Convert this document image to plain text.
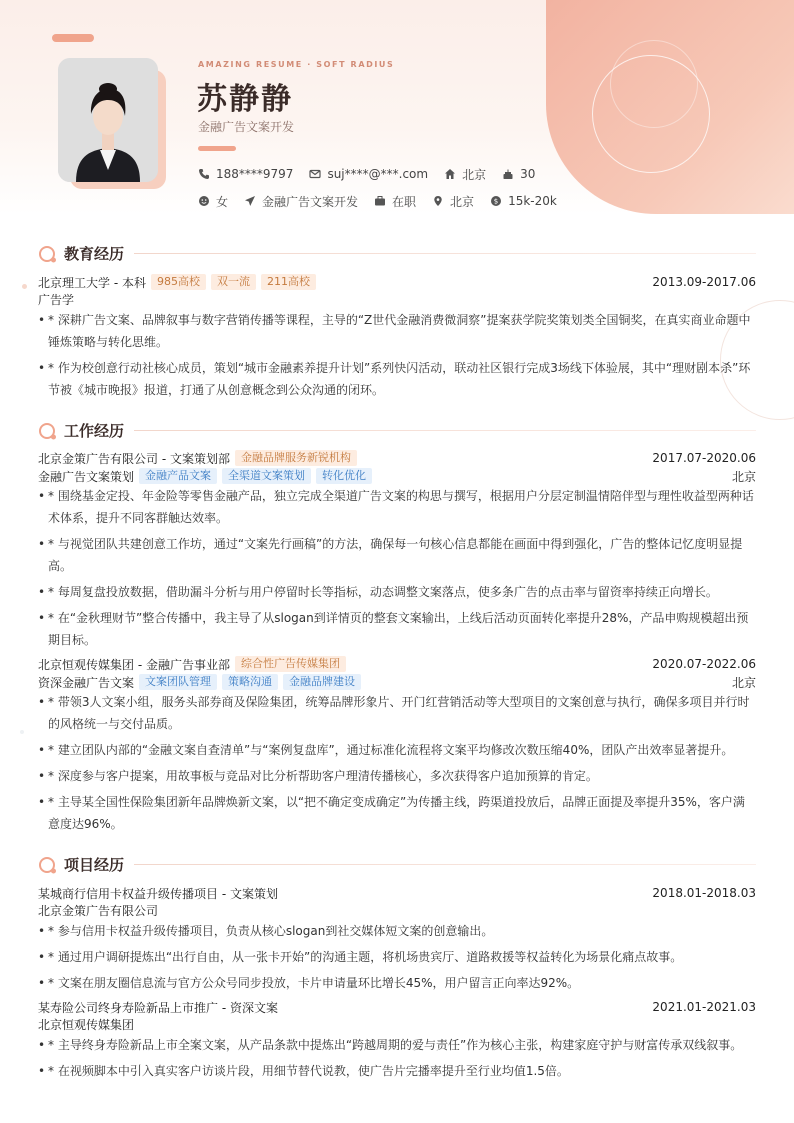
AMAZING RESUME · SOFT RADIUS
苏静静
金融广告文案开发
188****9797	suj****@***.com	北京	30
女	金融广告文案开发	在职	北京	$ 15k-20k
教育经历
北京理工大学 - 本科	985高校	双一流	211高校	2013.09-2017.06
广告学
• * 深耕广告文案、品牌叙事与数字营销传播等课程，主导的“Z世代金融消费微洞察”提案获学院奖策划类全国铜奖，在真实商业命题中锤炼策略与转化思维。
• * 作为校创意行动社核心成员，策划“城市金融素养提升计划”系列快闪活动，联动社区银行完成3场线下体验展，其中“理财剧本杀”环节被《城市晚报》报道，打通了从创意概念到公众沟通的闭环。
工作经历
北京金策广告有限公司 - 文案策划部	金融品牌服务新锐机构	2017.07-2020.06
金融广告文案策划	金融产品文案	全渠道文案策划	转化优化	北京
• * 围绕基金定投、年金险等零售金融产品，独立完成全渠道广告文案的构思与撰写，根据用户分层定制温情陪伴型与理性收益型两种话术体系，提升不同客群触达效率。
• * 与视觉团队共建创意工作坊，通过“文案先行画稿”的方法，确保每一句核心信息都能在画面中得到强化，广告的整体记忆度明显提高。
• * 每周复盘投放数据，借助漏斗分析与用户停留时长等指标，动态调整文案落点，使多条广告的点击率与留资率持续正向增长。
• * 在“金秋理财节”整合传播中，我主导了从slogan到详情页的整套文案输出，上线后活动页面转化率提升28%，产品申购规模超出预期目标。
北京恒观传媒集团 - 金融广告事业部	综合性广告传媒集团	2020.07-2022.06
资深金融广告文案	文案团队管理	策略沟通	金融品牌建设	北京
• * 带领3人文案小组，服务头部券商及保险集团，统筹品牌形象片、开门红营销活动等大型项目的文案创意与执行，确保多项目并行时的风格统一与交付品质。
• * 建立团队内部的“金融文案自查清单”与“案例复盘库”，通过标准化流程将文案平均修改次数压缩40%，团队产出效率显著提升。
• * 深度参与客户提案，用故事板与竞品对比分析帮助客户理清传播核心，多次获得客户追加预算的肯定。
• * 主导某全国性保险集团新年品牌焕新文案，以“把不确定变成确定”为传播主线，跨渠道投放后，品牌正面提及率提升35%，客户满意度达96%。
项目经历
某城商行信用卡权益升级传播项目 - 文案策划	2018.01-2018.03
北京金策广告有限公司
• * 参与信用卡权益升级传播项目，负责从核心slogan到社交媒体短文案的创意输出。
• * 通过用户调研提炼出“出行自由，从一张卡开始”的沟通主题，将机场贵宾厅、道路救援等权益转化为场景化痛点故事。
• * 文案在朋友圈信息流与官方公众号同步投放，卡片申请量环比增长45%，用户留言正向率达92%。
某寿险公司终身寿险新品上市推广 - 资深文案	2021.01-2021.03
北京恒观传媒集团
• * 主导终身寿险新品上市全案文案，从产品条款中提炼出“跨越周期的爱与责任”作为核心主张，构建家庭守护与财富传承双线叙事。
• * 在视频脚本中引入真实客户访谈片段，用细节替代说教，使广告片完播率提升至行业均值1.5倍。
